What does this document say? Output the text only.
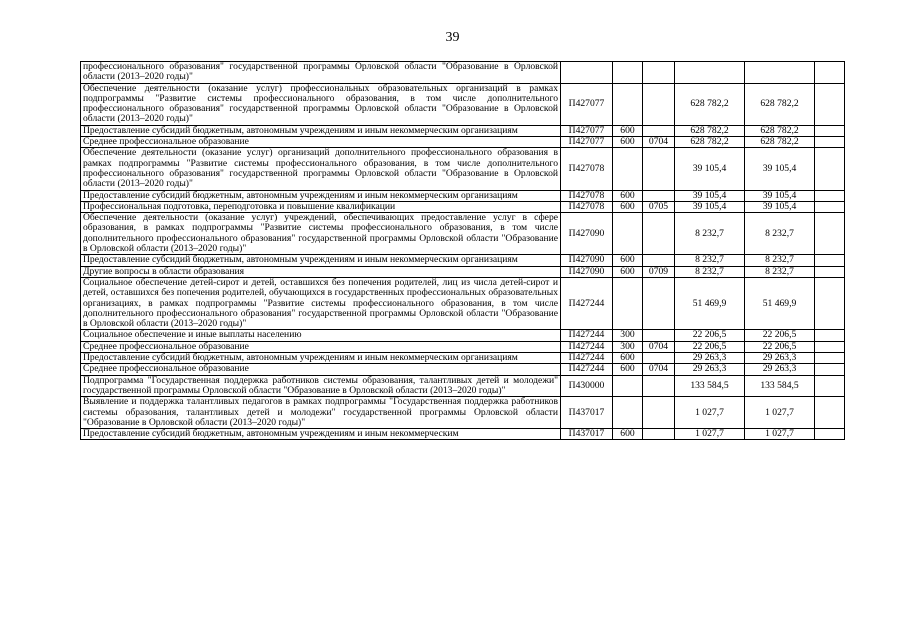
39
профессионального образования" государственной программы Орловской области "Образование в Орловской области (2013–2020 годы)"						
Обеспечение деятельности (оказание услуг) профессиональных образовательных организаций в рамках подпрограммы "Развитие системы профессионального образования, в том числе дополнительного профессионального образования" государственной программы Орловской области "Образование в Орловской области (2013–2020 годы)"	П427077			628 782,2	628 782,2	
Предоставление субсидий бюджетным, автономным учреждениям и иным некоммерческим организациям	П427077	600		628 782,2	628 782,2	
Среднее профессиональное образование	П427077	600	0704	628 782,2	628 782,2	
Обеспечение деятельности (оказание услуг) организаций дополнительного профессионального образования в рамках подпрограммы "Развитие системы профессионального образования, в том числе дополнительного профессионального образования" государственной программы Орловской области "Образование в Орловской области (2013–2020 годы)"	П427078			39 105,4	39 105,4	
Предоставление субсидий бюджетным, автономным учреждениям и иным некоммерческим организациям	П427078	600		39 105,4	39 105,4	
Профессиональная подготовка, переподготовка и повышение квалификации	П427078	600	0705	39 105,4	39 105,4	
Обеспечение деятельности (оказание услуг) учреждений, обеспечивающих предоставление услуг в сфере образования, в рамках подпрограммы "Развитие системы профессионального образования, в том числе дополнительного профессионального образования" государственной программы Орловской области "Образование в Орловской области (2013–2020 годы)"	П427090			8 232,7	8 232,7	
Предоставление субсидий бюджетным, автономным учреждениям и иным некоммерческим организациям	П427090	600		8 232,7	8 232,7	
Другие вопросы в области образования	П427090	600	0709	8 232,7	8 232,7	
Социальное обеспечение детей-сирот и детей, оставшихся без попечения родителей, лиц из числа детей-сирот и детей, оставшихся без попечения родителей, обучающихся в государственных профессиональных образовательных организациях, в рамках подпрограммы "Развитие системы профессионального образования, в том числе дополнительного профессионального образования" государственной программы Орловской области "Образование в Орловской области (2013–2020 годы)"	П427244			51 469,9	51 469,9	
Социальное обеспечение и иные выплаты населению	П427244	300		22 206,5	22 206,5	
Среднее профессиональное образование	П427244	300	0704	22 206,5	22 206,5	
Предоставление субсидий бюджетным, автономным учреждениям и иным некоммерческим организациям	П427244	600		29 263,3	29 263,3	
Среднее профессиональное образование	П427244	600	0704	29 263,3	29 263,3	
Подпрограмма "Государственная поддержка работников системы образования, талантливых детей и молодежи" государственной программы Орловской области "Образование в Орловской области (2013–2020 годы)"	П430000			133 584,5	133 584,5	
Выявление и поддержка талантливых педагогов в рамках подпрограммы "Государственная поддержка работников системы образования, талантливых детей и молодежи" государственной программы Орловской области "Образование в Орловской области (2013–2020 годы)"	П437017			1 027,7	1 027,7	
Предоставление субсидий бюджетным, автономным учреждениям и иным некоммерческим	П437017	600		1 027,7	1 027,7	
